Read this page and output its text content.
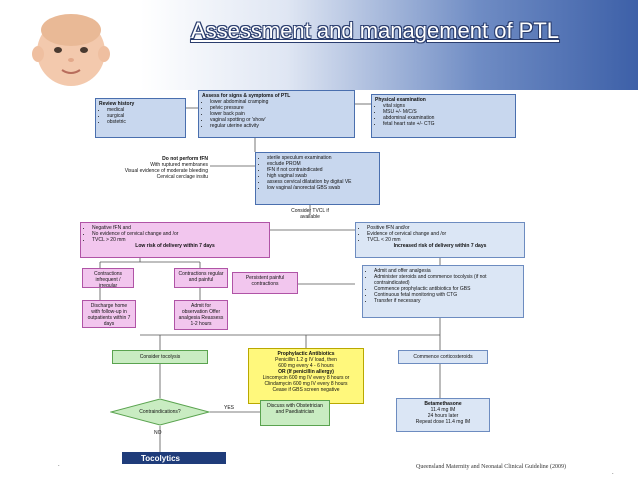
Assessment and management of PTL
Review history
• medical
• surgical
• obstetric
Assess for signs & symptoms of PTL
• lower abdominal cramping
• pelvic pressure
• lower back pain
• vaginal spotting or 'show'
• regular uterine activity
Physical examination
• vital signs
• MSU +/- M/C/S
• abdominal examination
• fetal heart rate +/- CTG
Do not perform fFN
With ruptured membranes
Visual evidence of moderate bleeding
Cervical cerclage insitu
• sterile speculum examination
• exclude PROM
• fFN if not contraindicated
• high vaginal swab
• assess cervical dilatation by digital VE
• low vaginal /anorectal GBS swab
Consider TVCL if available
• Negative fFN and
• No evidence of cervical change and /or
• TVCL > 20 mm
Low risk of delivery within 7 days
• Positive fFN and/or
• Evidence of cervical change and /or
• TVCL < 20 mm
Increased risk of delivery within 7 days
Contractions infrequent / irregular
Contractions regular and painful	Persistent painful contractions
Discharge home with follow-up in outpatients within 7 days
Admit for observation Offer analgesia Reassess 1-2 hours
• Admit and offer analgesia
• Administer steroids and commence tocolysis (if not contraindicated)
• Commence prophylactic antibiotics for GBS
• Continuous fetal monitoring with CTG
• Transfer if necessary
Consider tocolysis	Prophylactic Antibiotics
Penicillin 1.2 g IV load, then
600 mg every 4 - 6 hours

OR (If penicillin allergy)
Lincomycin 600 mg IV every 8 hours or
Clindamycin 600 mg IV every 8 hours
Cease if GBS screen negative
Commence corticosteroids
Contraindications?
YES
NO
Discuss with Obstetrician and Paediatrician
Betamethasone
11.4 mg IM
24 hours later
Repeat dose 11.4 mg IM
Tocolytics
.	Queensland Maternity and Neonatal Clinical Guideline (2009)
.
